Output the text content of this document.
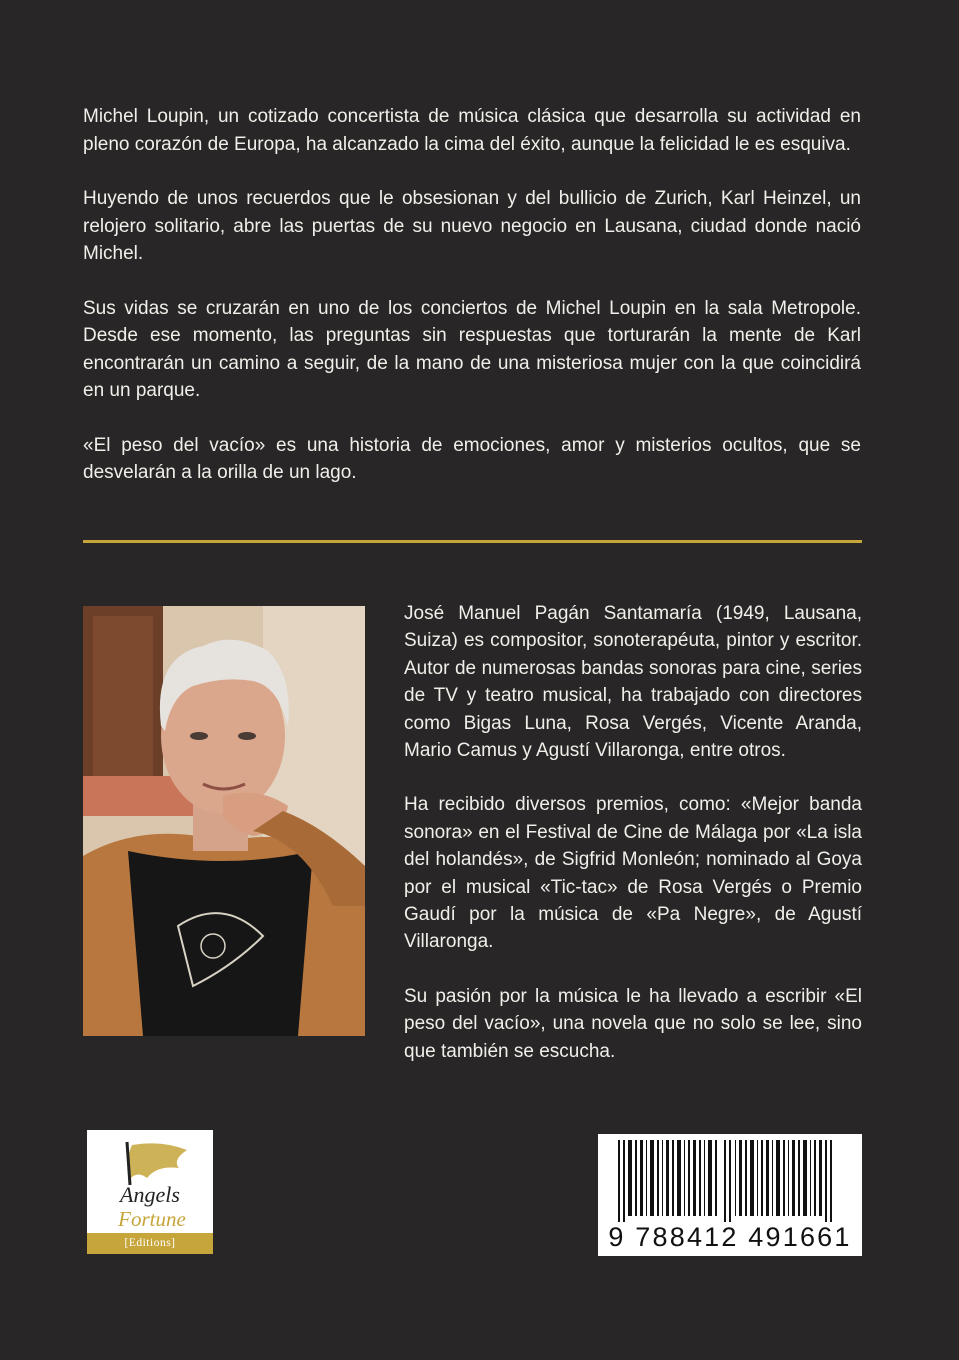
Michel Loupin, un cotizado concertista de música clásica que desarrolla su actividad en pleno corazón de Europa, ha alcanzado la cima del éxito, aunque la felicidad le es esquiva.

Huyendo de unos recuerdos que le obsesionan y del bullicio de Zurich, Karl Heinzel, un relojero solitario, abre las puertas de su nuevo negocio en Lausana, ciudad donde nació Michel.

Sus vidas se cruzarán en uno de los conciertos de Michel Loupin en la sala Metropole. Desde ese momento, las preguntas sin respuestas que torturarán la mente de Karl encontrarán un camino a seguir, de la mano de una misteriosa mujer con la que coincidirá en un parque.

«El peso del vacío» es una historia de emociones, amor y misterios ocultos, que se desvelarán a la orilla de un lago.

José Manuel Pagán Santamaría (1949, Lausana, Suiza) es compositor, sonoterapéuta, pintor y escritor. Autor de numerosas bandas sonoras para cine, series de TV y teatro musical, ha trabajado con directores como Bigas Luna, Rosa Vergés, Vicente Aranda, Mario Camus y Agustí Villaronga, entre otros.

Ha recibido diversos premios, como: «Mejor banda sonora» en el Festival de Cine de Málaga por «La isla del holandés», de Sigfrid Monleón; nominado al Goya por el musical «Tic-tac» de Rosa Vergés o Premio Gaudí por la música de «Pa Negre», de Agustí Villaronga.

Su pasión por la música le ha llevado a escribir «El peso del vacío», una novela que no solo se lee, sino que también se escucha.

Angels
Fortune
[Editions]	9 788412 491661
